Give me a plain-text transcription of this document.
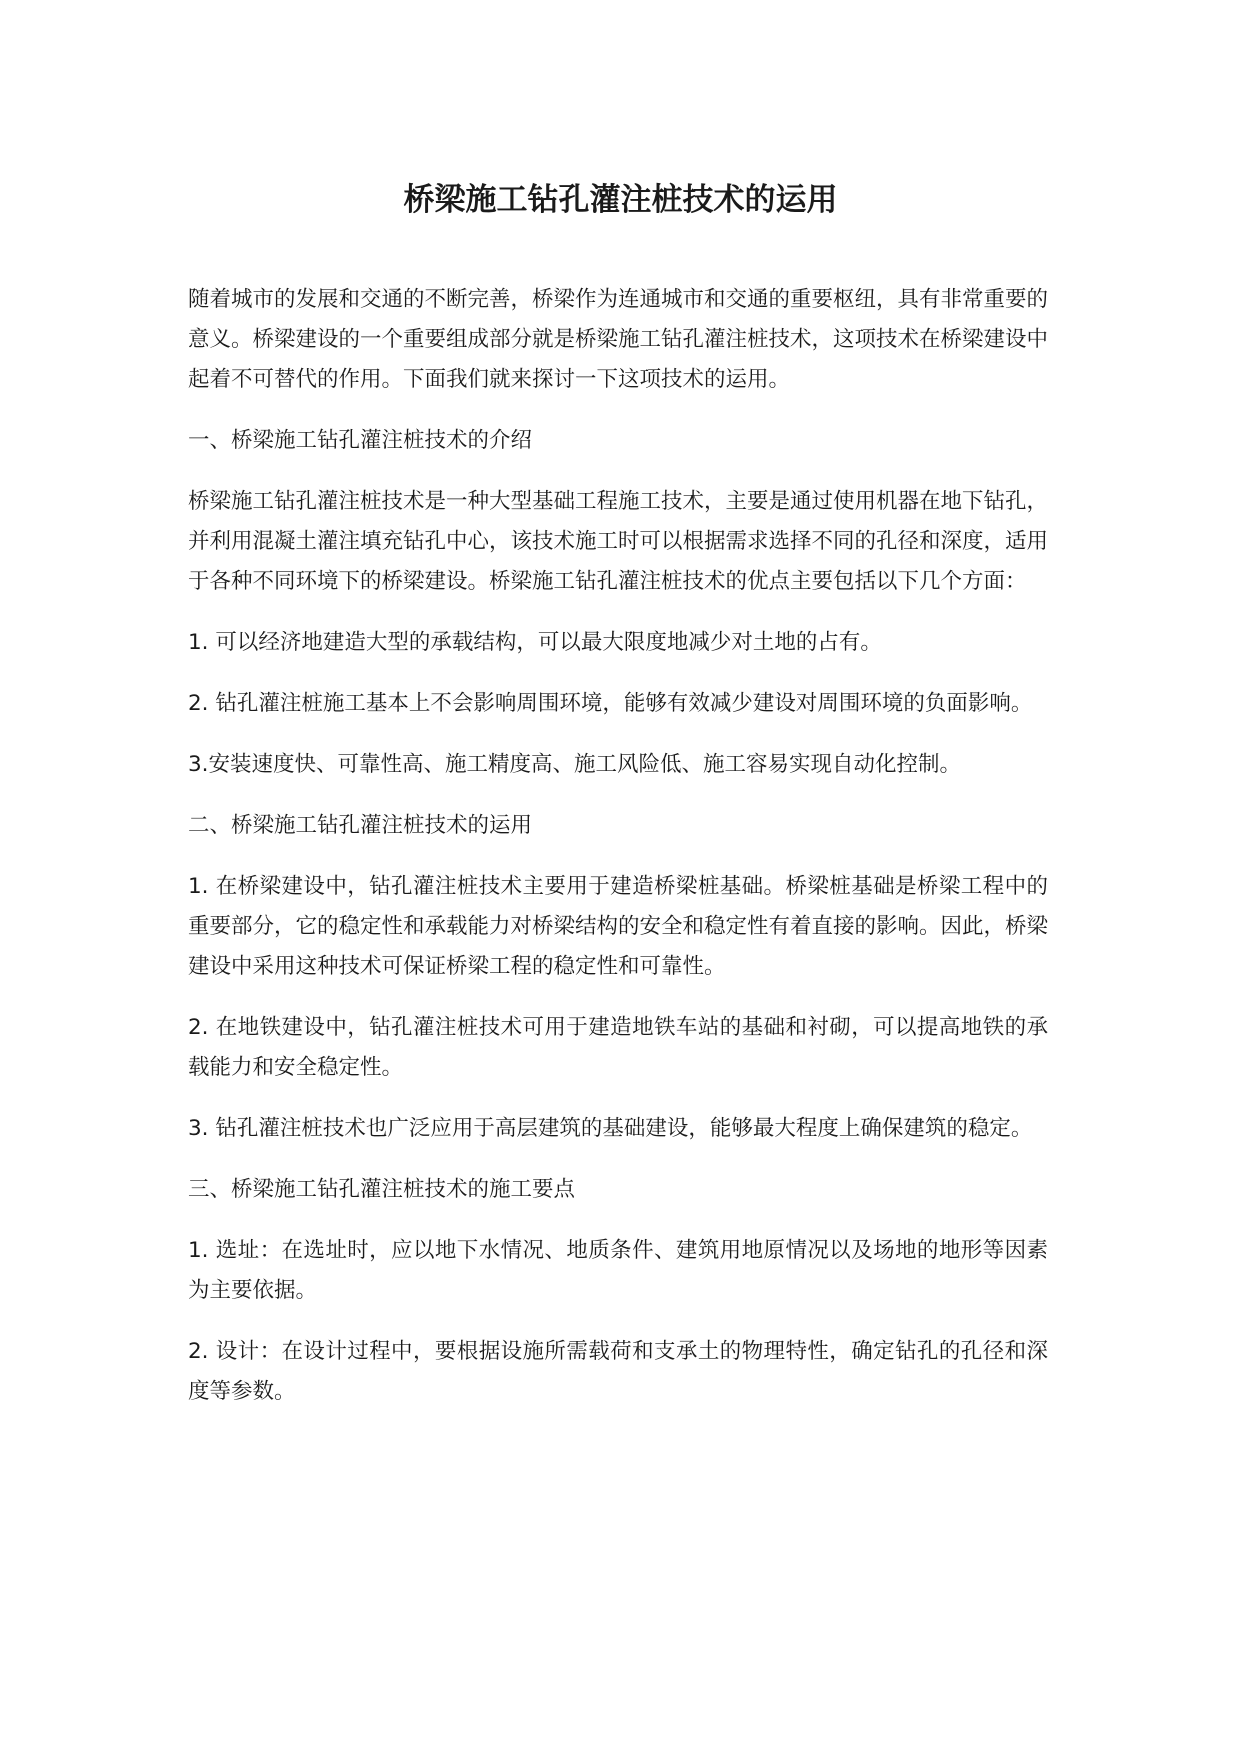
桥梁施工钻孔灌注桩技术的运用

随着城市的发展和交通的不断完善，桥梁作为连通城市和交通的重要枢纽，具有非常重要的意义。桥梁建设的一个重要组成部分就是桥梁施工钻孔灌注桩技术，这项技术在桥梁建设中起着不可替代的作用。下面我们就来探讨一下这项技术的运用。

一、桥梁施工钻孔灌注桩技术的介绍

桥梁施工钻孔灌注桩技术是一种大型基础工程施工技术，主要是通过使用机器在地下钻孔，并利用混凝土灌注填充钻孔中心，该技术施工时可以根据需求选择不同的孔径和深度，适用于各种不同环境下的桥梁建设。桥梁施工钻孔灌注桩技术的优点主要包括以下几个方面：

1. 可以经济地建造大型的承载结构，可以最大限度地减少对土地的占有。

2. 钻孔灌注桩施工基本上不会影响周围环境，能够有效减少建设对周围环境的负面影响。

3.安装速度快、可靠性高、施工精度高、施工风险低、施工容易实现自动化控制。

二、桥梁施工钻孔灌注桩技术的运用

1. 在桥梁建设中，钻孔灌注桩技术主要用于建造桥梁桩基础。桥梁桩基础是桥梁工程中的重要部分，它的稳定性和承载能力对桥梁结构的安全和稳定性有着直接的影响。因此，桥梁建设中采用这种技术可保证桥梁工程的稳定性和可靠性。

2. 在地铁建设中，钻孔灌注桩技术可用于建造地铁车站的基础和衬砌，可以提高地铁的承载能力和安全稳定性。

3. 钻孔灌注桩技术也广泛应用于高层建筑的基础建设，能够最大程度上确保建筑的稳定。

三、桥梁施工钻孔灌注桩技术的施工要点

1. 选址：在选址时，应以地下水情况、地质条件、建筑用地原情况以及场地的地形等因素为主要依据。

2. 设计：在设计过程中，要根据设施所需载荷和支承土的物理特性，确定钻孔的孔径和深度等参数。
